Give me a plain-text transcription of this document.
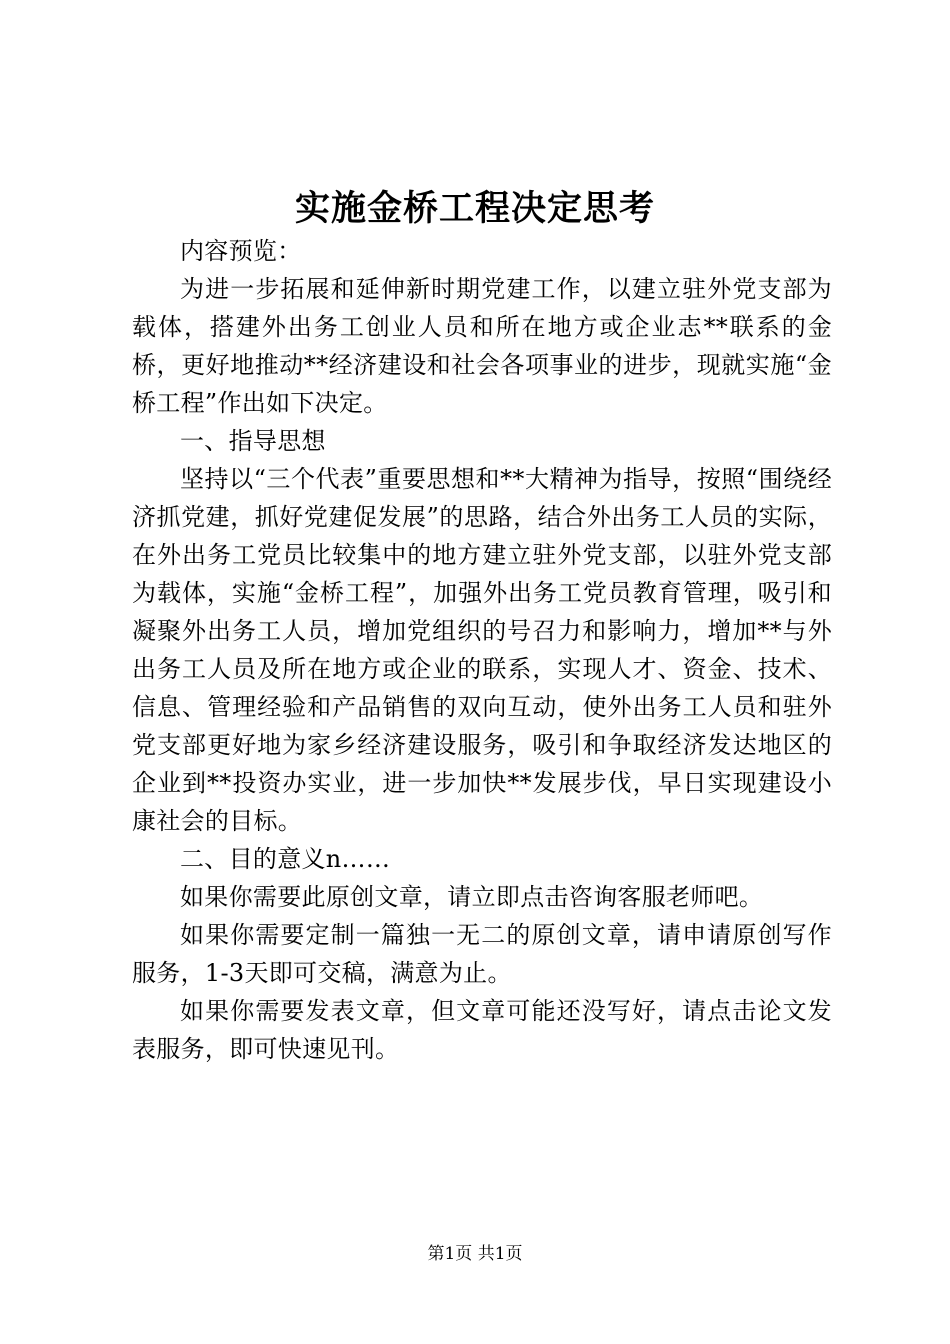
实施金桥工程决定思考

内容预览：

为进一步拓展和延伸新时期党建工作，以建立驻外党支部为载体，搭建外出务工创业人员和所在地方或企业志**联系的金桥，更好地推动**经济建设和社会各项事业的进步，现就实施“金桥工程”作出如下决定。

一、指导思想

坚持以“三个代表”重要思想和**大精神为指导，按照“围绕经济抓党建，抓好党建促发展”的思路，结合外出务工人员的实际，在外出务工党员比较集中的地方建立驻外党支部，以驻外党支部为载体，实施“金桥工程”，加强外出务工党员教育管理，吸引和凝聚外出务工人员，增加党组织的号召力和影响力，增加**与外出务工人员及所在地方或企业的联系，实现人才、资金、技术、信息、管理经验和产品销售的双向互动，使外出务工人员和驻外党支部更好地为家乡经济建设服务，吸引和争取经济发达地区的企业到**投资办实业，进一步加快**发展步伐，早日实现建设小康社会的目标。

二、目的意义n……

如果你需要此原创文章，请立即点击咨询客服老师吧。

如果你需要定制一篇独一无二的原创文章，请申请原创写作服务，1-3天即可交稿，满意为止。

如果你需要发表文章，但文章可能还没写好，请点击论文发表服务，即可快速见刊。

第1页 共1页
